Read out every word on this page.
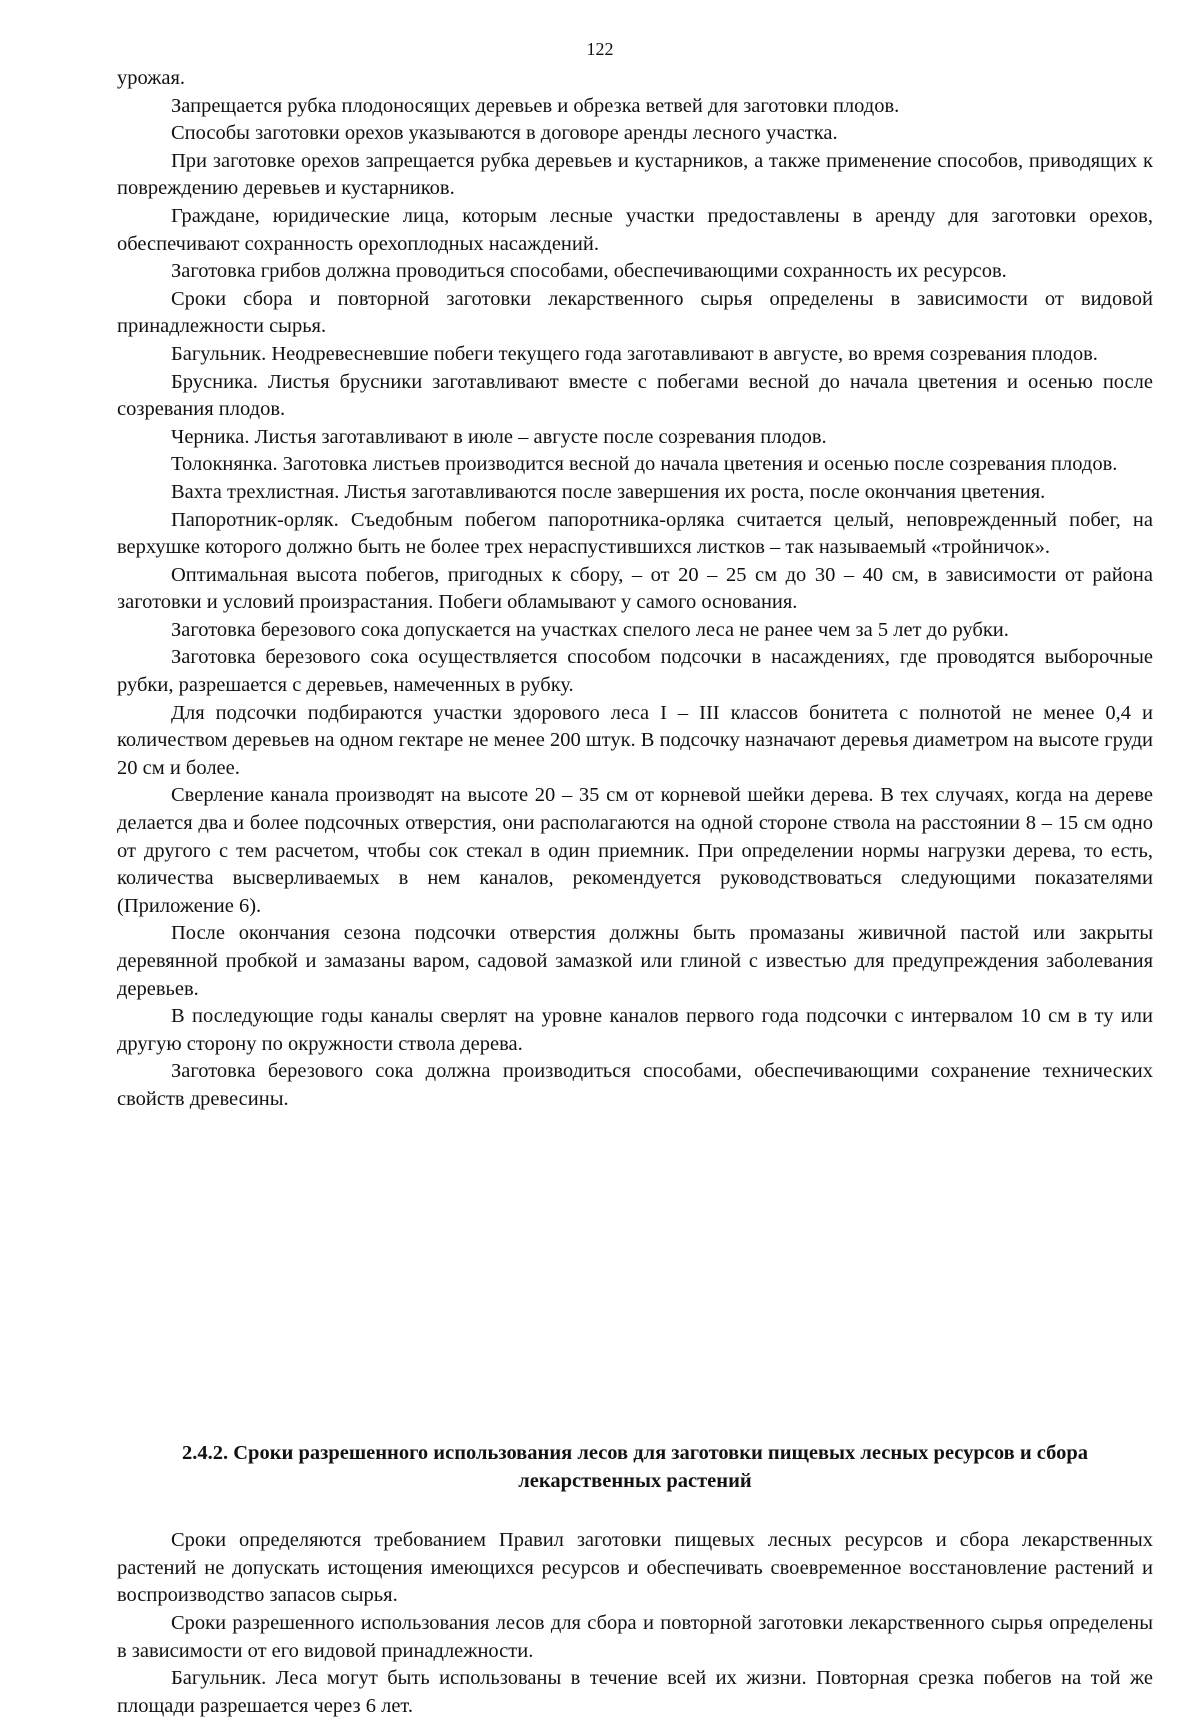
122

урожая.

Запрещается рубка плодоносящих деревьев и обрезка ветвей для заготовки плодов.

Способы заготовки орехов указываются в договоре аренды лесного участка.

При заготовке орехов запрещается рубка деревьев и кустарников, а также применение способов, приводящих к повреждению деревьев и кустарников.

Граждане, юридические лица, которым лесные участки предоставлены в аренду для заготовки орехов, обеспечивают сохранность орехоплодных насаждений.

Заготовка грибов должна проводиться способами, обеспечивающими сохранность их ресурсов.

Сроки сбора и повторной заготовки лекарственного сырья определены в зависимости от видовой принадлежности сырья.

Багульник. Неодревесневшие побеги текущего года заготавливают в августе, во время созревания плодов.

Брусника. Листья брусники заготавливают вместе с побегами весной до начала цветения и осенью после созревания плодов.

Черника. Листья заготавливают в июле – августе после созревания плодов.

Толокнянка. Заготовка листьев производится весной до начала цветения и осенью после созревания плодов.

Вахта трехлистная. Листья заготавливаются после завершения их роста, после окончания цветения.

Папоротник-орляк. Съедобным побегом папоротника-орляка считается целый, неповрежденный побег, на верхушке которого должно быть не более трех нераспустившихся листков – так называемый «тройничок».

Оптимальная высота побегов, пригодных к сбору, – от 20 – 25 см до 30 – 40 см, в зависимости от района заготовки и условий произрастания. Побеги обламывают у самого основания.

Заготовка березового сока допускается на участках спелого леса не ранее чем за 5 лет до рубки.

Заготовка березового сока осуществляется способом подсочки в насаждениях, где проводятся выборочные рубки, разрешается с деревьев, намеченных в рубку.

Для подсочки подбираются участки здорового леса I – III классов бонитета с полнотой не менее 0,4 и количеством деревьев на одном гектаре не менее 200 штук. В подсочку назначают деревья диаметром на высоте груди 20 см и более.

Сверление канала производят на высоте 20 – 35 см от корневой шейки дерева. В тех случаях, когда на дереве делается два и более подсочных отверстия, они располагаются на одной стороне ствола на расстоянии 8 – 15 см одно от другого с тем расчетом, чтобы сок стекал в один приемник. При определении нормы нагрузки дерева, то есть, количества высверливаемых в нем каналов, рекомендуется руководствоваться следующими показателями (Приложение 6).

После окончания сезона подсочки отверстия должны быть промазаны живичной пастой или закрыты деревянной пробкой и замазаны варом, садовой замазкой или глиной с известью для предупреждения заболевания деревьев.

В последующие годы каналы сверлят на уровне каналов первого года подсочки с интервалом 10 см в ту или другую сторону по окружности ствола дерева.

Заготовка березового сока должна производиться способами, обеспечивающими сохранение технических свойств древесины.

2.4.2. Сроки разрешенного использования лесов для заготовки пищевых лесных ресурсов и сбора лекарственных растений

Сроки определяются требованием Правил заготовки пищевых лесных ресурсов и сбора лекарственных растений не допускать истощения имеющихся ресурсов и обеспечивать своевременное восстановление растений и воспроизводство запасов сырья.

Сроки разрешенного использования лесов для сбора и повторной заготовки лекарственного сырья определены в зависимости от его видовой принадлежности.

Багульник. Леса могут быть использованы в течение всей их жизни. Повторная срезка побегов на той же площади разрешается через 6 лет.
